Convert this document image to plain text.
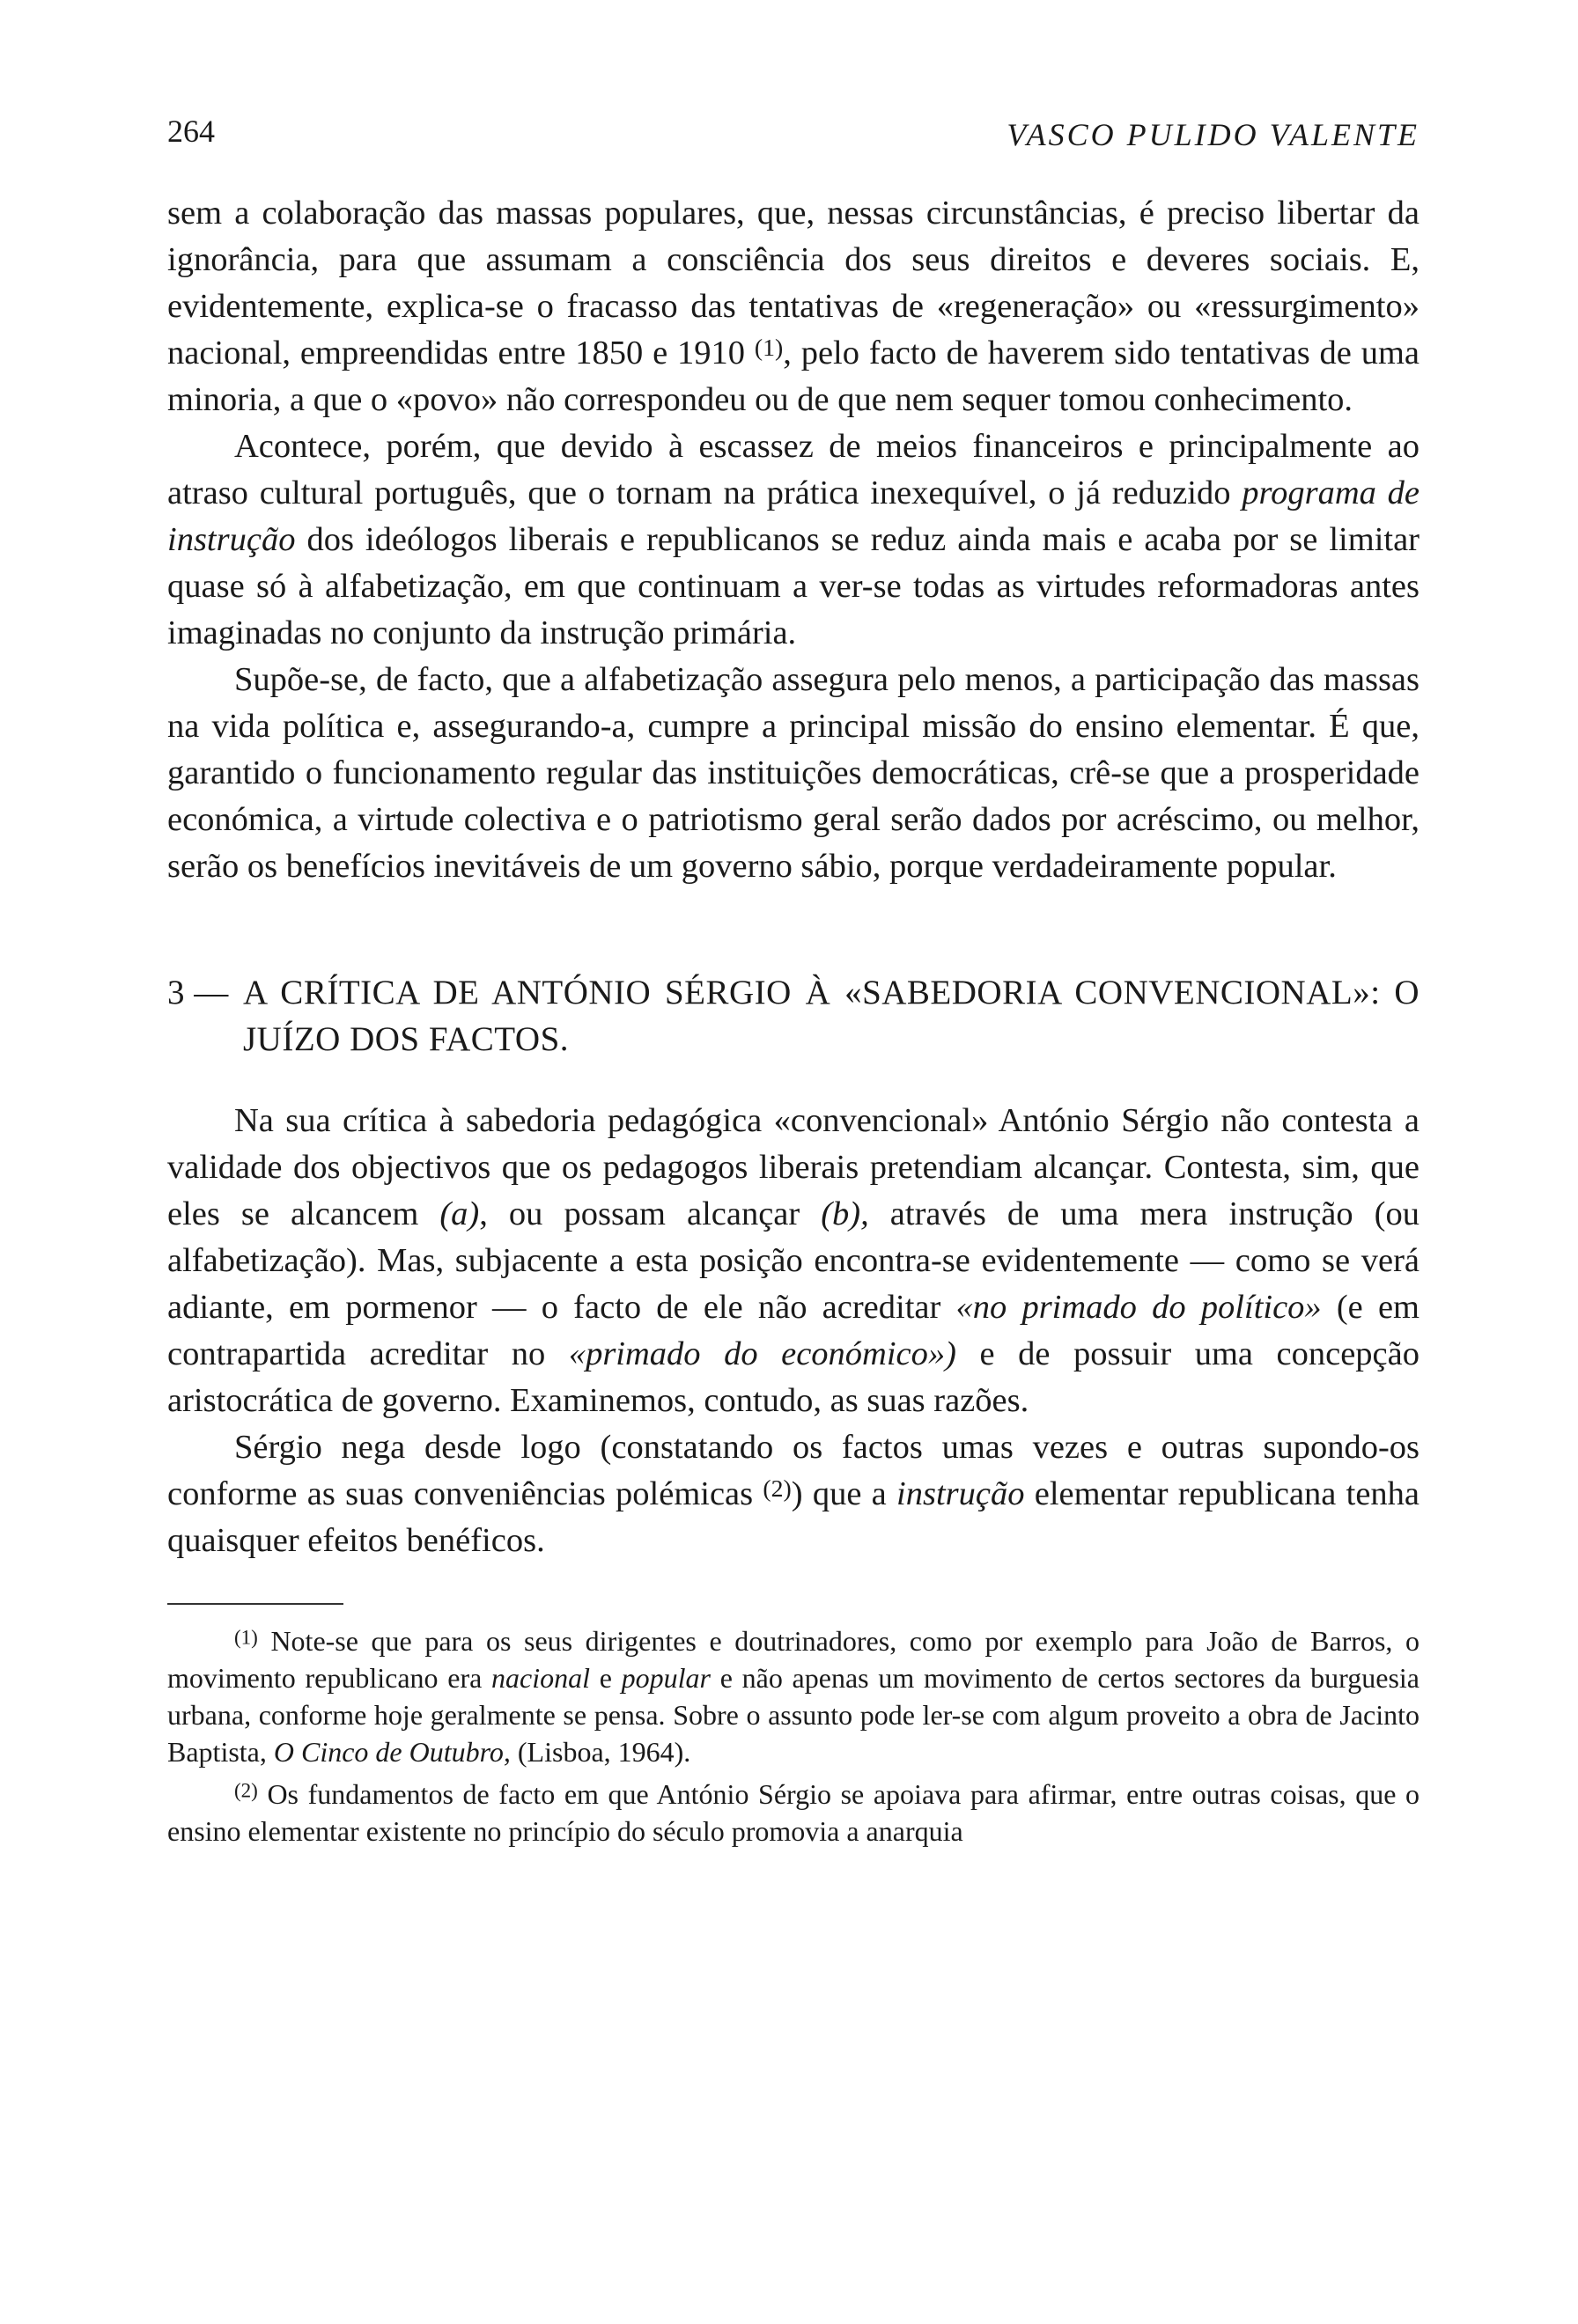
264	VASCO PULIDO VALENTE

sem a colaboração das massas populares, que, nessas circunstâncias, é preciso libertar da ignorância, para que assumam a consciência dos seus direitos e deveres sociais. E, evidentemente, explica-se o fracasso das tentativas de «regeneração» ou «ressurgimento» nacional, empreendidas entre 1850 e 1910 $^{(1)}$, pelo facto de haverem sido tentativas de uma minoria, a que o «povo» não correspondeu ou de que nem sequer tomou conhecimento.

Acontece, porém, que devido à escassez de meios financeiros e principalmente ao atraso cultural português, que o tornam na prática inexequível, o já reduzido programa de instrução dos ideólogos liberais e republicanos se reduz ainda mais e acaba por se limitar quase só à alfabetização, em que continuam a ver-se todas as virtudes reformadoras antes imaginadas no conjunto da instrução primária.

Supõe-se, de facto, que a alfabetização assegura pelo menos, a participação das massas na vida política e, assegurando-a, cumpre a principal missão do ensino elementar. É que, garantido o funcionamento regular das instituições democráticas, crê-se que a prosperidade económica, a virtude colectiva e o patriotismo geral serão dados por acréscimo, ou melhor, serão os benefícios inevitáveis de um governo sábio, porque verdadeiramente popular.

3 — A CRÍTICA DE ANTÓNIO SÉRGIO À «SABEDORIA CONVENCIONAL»: O JUÍZO DOS FACTOS.

Na sua crítica à sabedoria pedagógica «convencional» António Sérgio não contesta a validade dos objectivos que os pedagogos liberais pretendiam alcançar. Contesta, sim, que eles se alcancem (a), ou possam alcançar (b), através de uma mera instrução (ou alfabetização). Mas, subjacente a esta posição encontra-se evidentemente — como se verá adiante, em pormenor — o facto de ele não acreditar «no primado do político» (e em contrapartida acreditar no «primado do económico») e de possuir uma concepção aristocrática de governo. Examinemos, contudo, as suas razões.

Sérgio nega desde logo (constatando os factos umas vezes e outras supondo-os conforme as suas conveniências polémicas $^{(2)}$) que a instrução elementar republicana tenha quaisquer efeitos benéficos.

$^{(1)}$ Note-se que para os seus dirigentes e doutrinadores, como por exemplo para João de Barros, o movimento republicano era nacional e popular e não apenas um movimento de certos sectores da burguesia urbana, conforme hoje geralmente se pensa. Sobre o assunto pode ler-se com algum proveito a obra de Jacinto Baptista, O Cinco de Outubro, (Lisboa, 1964).

$^{(2)}$ Os fundamentos de facto em que António Sérgio se apoiava para afirmar, entre outras coisas, que o ensino elementar existente no princípio do século promovia a anarquia
